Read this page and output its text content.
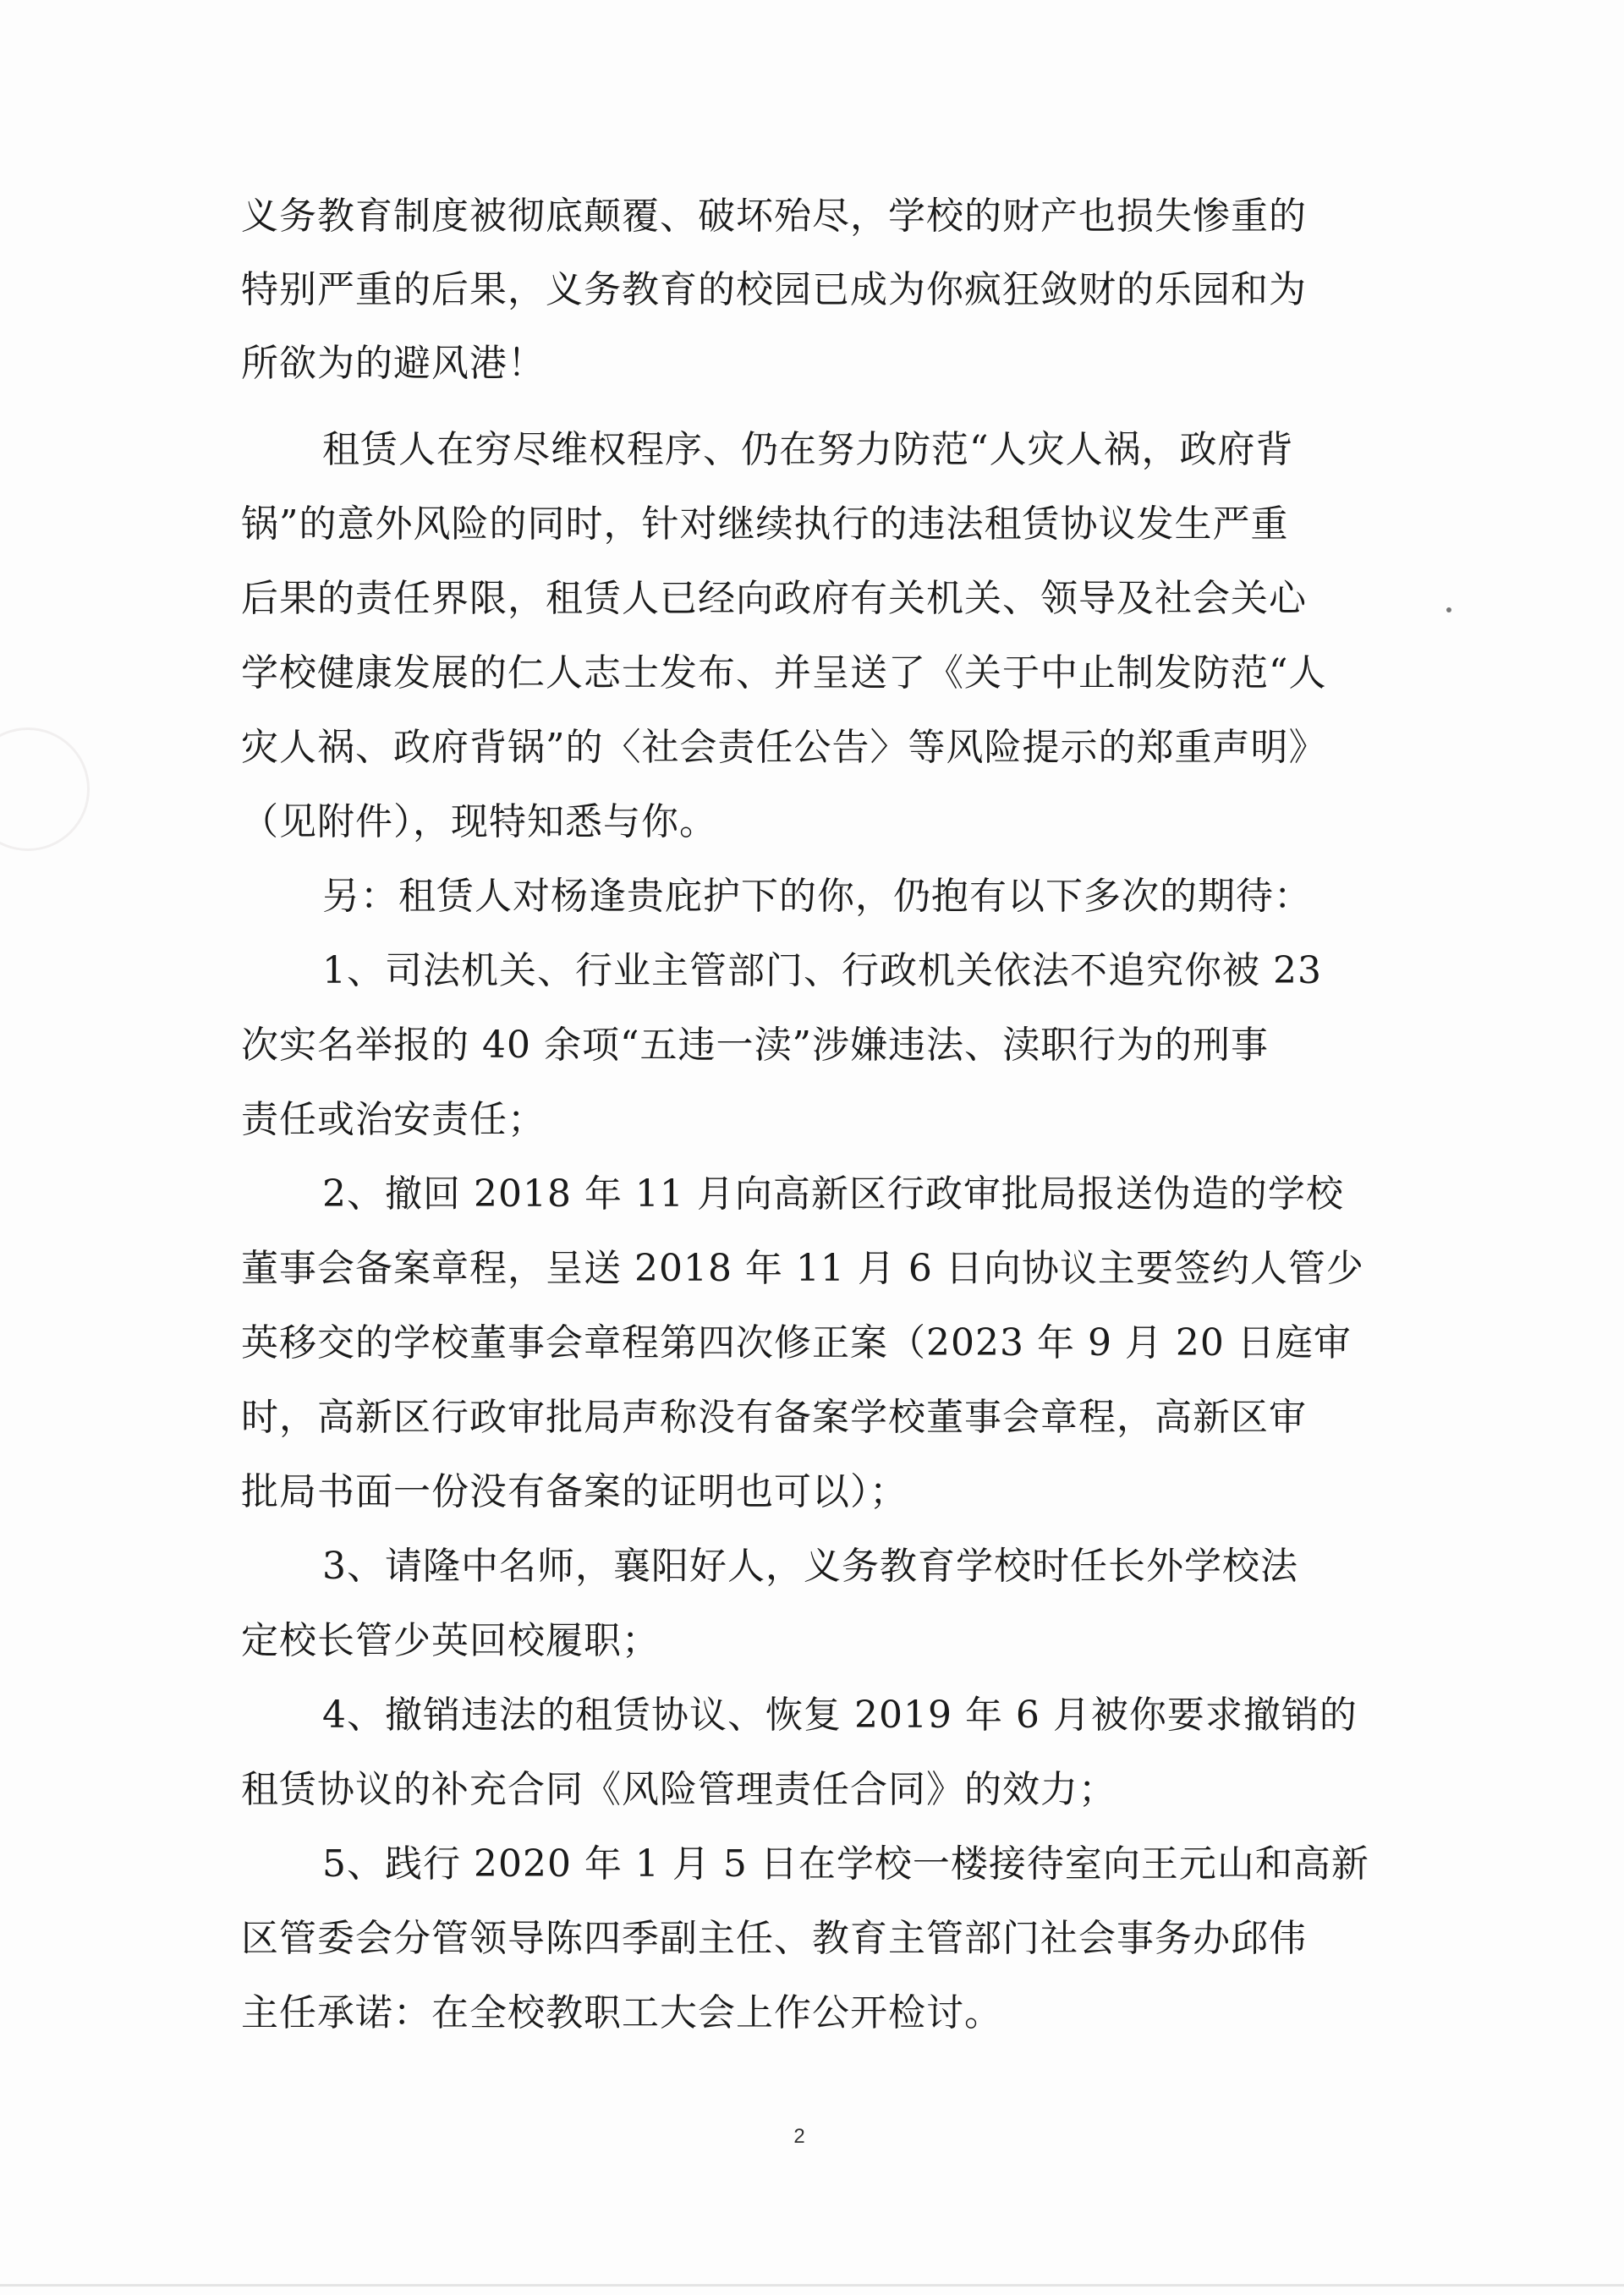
义务教育制度被彻底颠覆、破坏殆尽，学校的财产也损失惨重的
特别严重的后果，义务教育的校园已成为你疯狂敛财的乐园和为
所欲为的避风港！
租赁人在穷尽维权程序、仍在努力防范“人灾人祸，政府背
锅”的意外风险的同时，针对继续执行的违法租赁协议发生严重
后果的责任界限，租赁人已经向政府有关机关、领导及社会关心
学校健康发展的仁人志士发布、并呈送了《关于中止制发防范“人
灾人祸、政府背锅”的〈社会责任公告〉等风险提示的郑重声明》
（见附件），现特知悉与你。
另：租赁人对杨逢贵庇护下的你，仍抱有以下多次的期待：
1、司法机关、行业主管部门、行政机关依法不追究你被 23
次实名举报的 40 余项“五违一渎”涉嫌违法、渎职行为的刑事
责任或治安责任；
2、撤回 2018 年 11 月向高新区行政审批局报送伪造的学校
董事会备案章程，呈送 2018 年 11 月 6 日向协议主要签约人管少
英移交的学校董事会章程第四次修正案（2023 年 9 月 20 日庭审
时，高新区行政审批局声称没有备案学校董事会章程，高新区审
批局书面一份没有备案的证明也可以）；
3、请隆中名师，襄阳好人，义务教育学校时任长外学校法
定校长管少英回校履职；
4、撤销违法的租赁协议、恢复 2019 年 6 月被你要求撤销的
租赁协议的补充合同《风险管理责任合同》的效力；
5、践行 2020 年 1 月 5 日在学校一楼接待室向王元山和高新
区管委会分管领导陈四季副主任、教育主管部门社会事务办邱伟
主任承诺：在全校教职工大会上作公开检讨。
2
